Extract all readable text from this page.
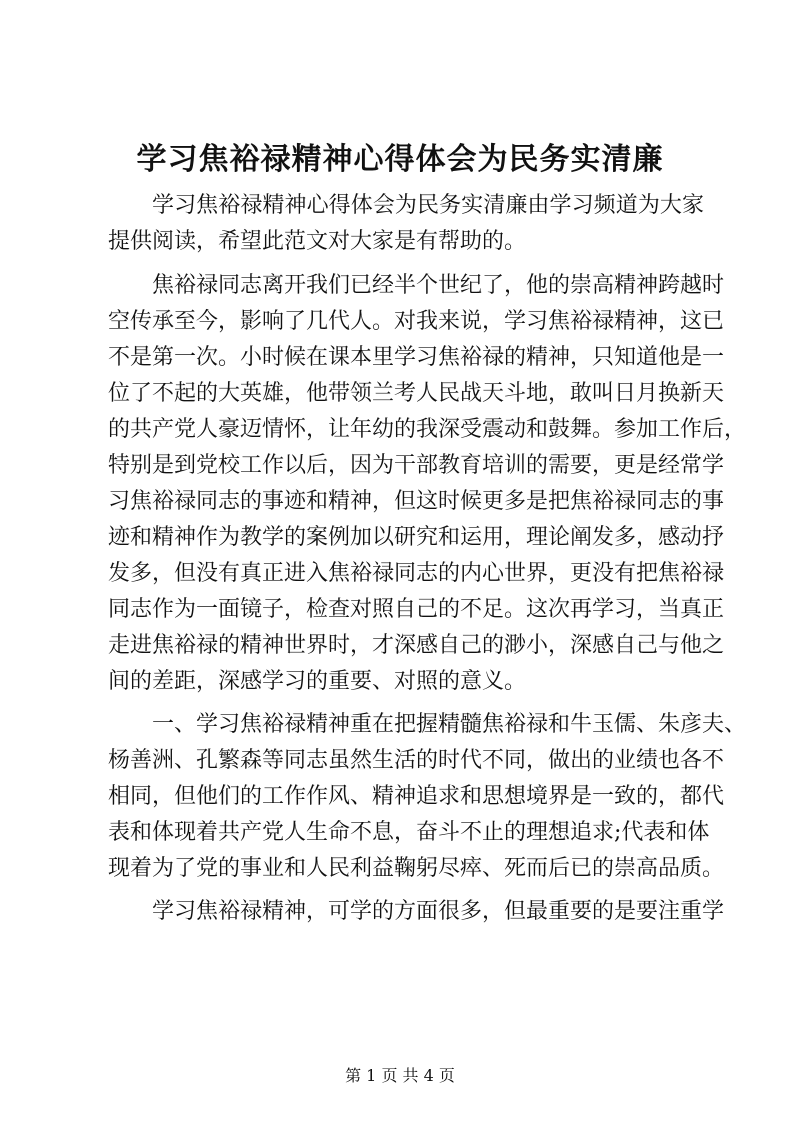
学习焦裕禄精神心得体会为民务实清廉
学习焦裕禄精神心得体会为民务实清廉由学习频道为大家
提供阅读，希望此范文对大家是有帮助的。
焦裕禄同志离开我们已经半个世纪了，他的崇高精神跨越时
空传承至今，影响了几代人。对我来说，学习焦裕禄精神，这已
不是第一次。小时候在课本里学习焦裕禄的精神，只知道他是一
位了不起的大英雄，他带领兰考人民战天斗地，敢叫日月换新天
的共产党人豪迈情怀，让年幼的我深受震动和鼓舞。参加工作后，
特别是到党校工作以后，因为干部教育培训的需要，更是经常学
习焦裕禄同志的事迹和精神，但这时候更多是把焦裕禄同志的事
迹和精神作为教学的案例加以研究和运用，理论阐发多，感动抒
发多，但没有真正进入焦裕禄同志的内心世界，更没有把焦裕禄
同志作为一面镜子，检查对照自己的不足。这次再学习，当真正
走进焦裕禄的精神世界时，才深感自己的渺小，深感自己与他之
间的差距，深感学习的重要、对照的意义。
一、学习焦裕禄精神重在把握精髓焦裕禄和牛玉儒、朱彦夫、
杨善洲、孔繁森等同志虽然生活的时代不同，做出的业绩也各不
相同，但他们的工作作风、精神追求和思想境界是一致的，都代
表和体现着共产党人生命不息，奋斗不止的理想追求;代表和体
现着为了党的事业和人民利益鞠躬尽瘁、死而后已的崇高品质。
学习焦裕禄精神，可学的方面很多，但最重要的是要注重学
第 1 页 共 4 页
